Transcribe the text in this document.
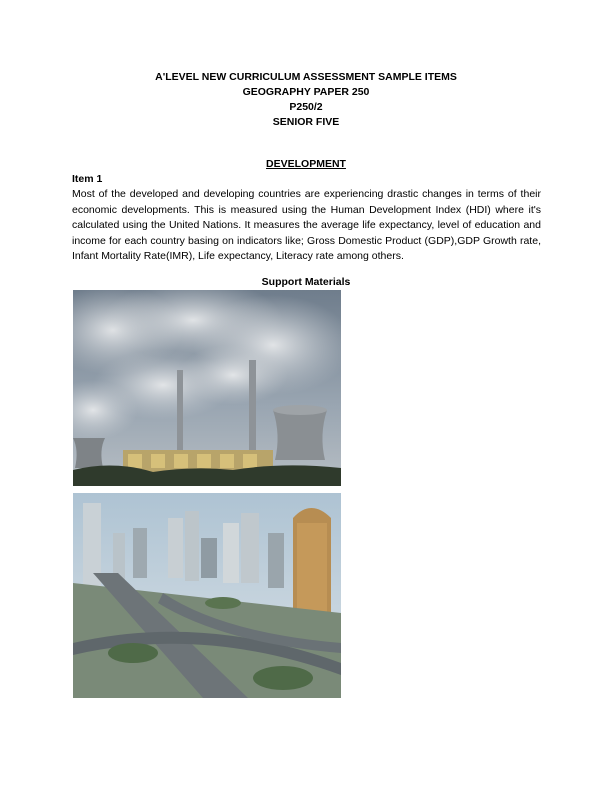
A'LEVEL NEW CURRICULUM ASSESSMENT SAMPLE ITEMS
GEOGRAPHY PAPER 250
P250/2
SENIOR FIVE
DEVELOPMENT
Item 1

Most of the developed and developing countries are experiencing drastic changes in terms of their economic developments. This is measured using the Human Development Index (HDI) where it's calculated using the United Nations. It measures the average life expectancy, level of education and income for each country basing on indicators like; Gross Domestic Product (GDP),GDP Growth rate, Infant Mortality Rate(IMR), Life expectancy, Literacy rate among others.

Support Materials
